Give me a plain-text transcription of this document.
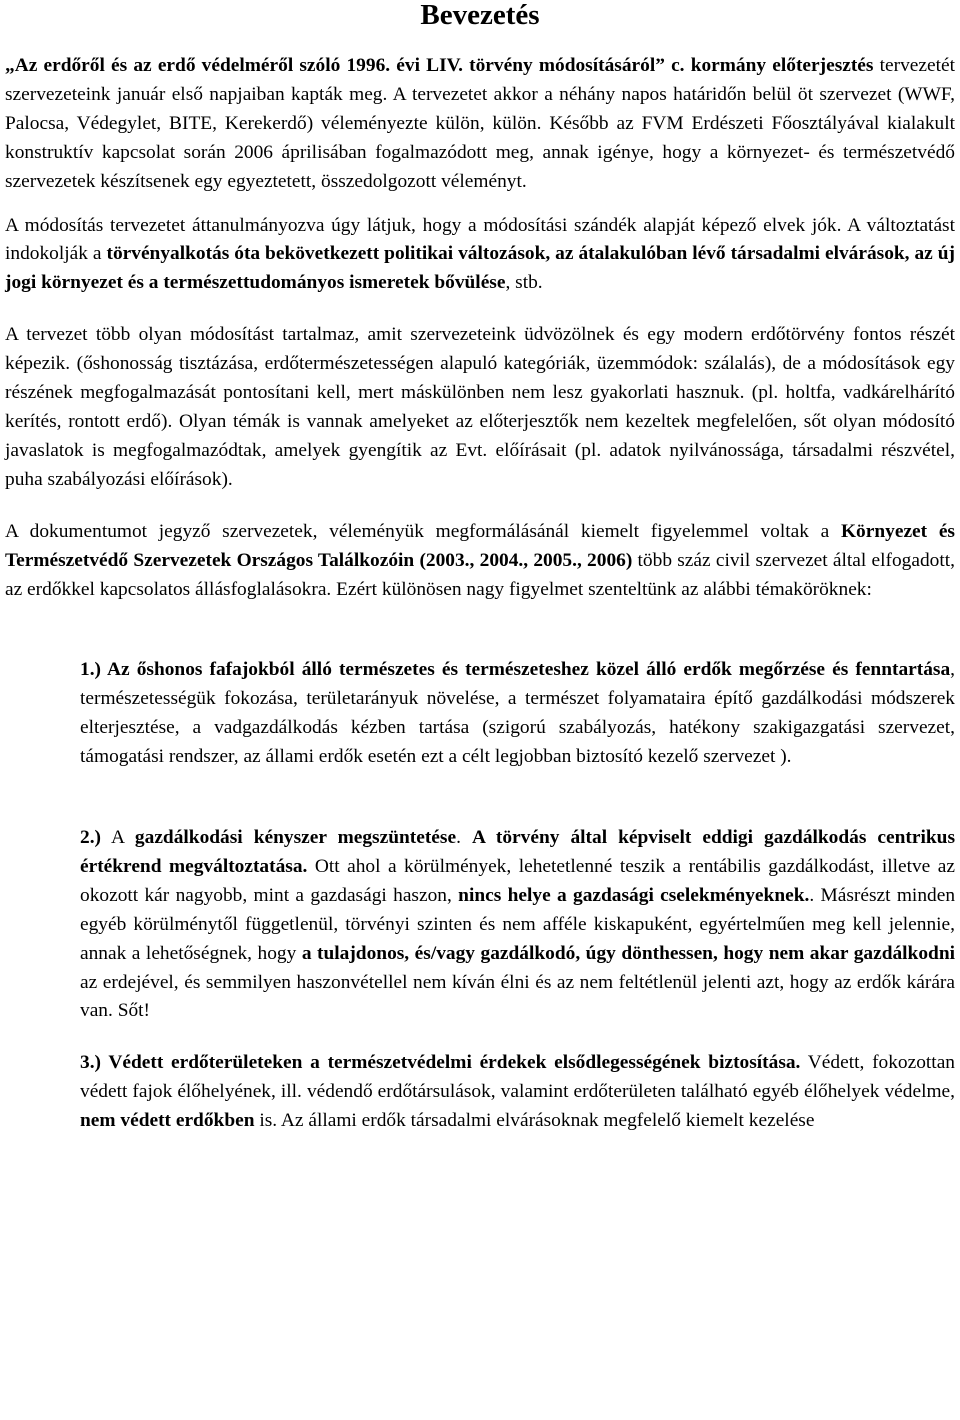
Bevezetés

„Az erdőről és az erdő védelméről szóló 1996. évi LIV. törvény módosításáról” c. kormány előterjesztés tervezetét szervezeteink január első napjaiban kapták meg. A tervezetet akkor a néhány napos határidőn belül öt szervezet (WWF, Palocsa, Védegylet, BITE, Kerekerdő) véleményezte külön, külön. Később az FVM Erdészeti Főosztályával kialakult konstruktív kapcsolat során 2006 áprilisában fogalmazódott meg, annak igénye, hogy a környezet- és természetvédő szervezetek készítsenek egy egyeztetett, összedolgozott véleményt.

A módosítás tervezetet áttanulmányozva úgy látjuk, hogy a módosítási szándék alapját képező elvek jók. A változtatást indokolják a törvényalkotás óta bekövetkezett politikai változások, az átalakulóban lévő társadalmi elvárások, az új jogi környezet és a természettudományos ismeretek bővülése, stb.

A tervezet több olyan módosítást tartalmaz, amit szervezeteink üdvözölnek és egy modern erdőtörvény fontos részét képezik. (őshonosság tisztázása, erdőtermészetességen alapuló kategóriák, üzemmódok: szálalás), de a módosítások egy részének megfogalmazását pontosítani kell, mert máskülönben nem lesz gyakorlati hasznuk. (pl. holtfa, vadkárelhárító kerítés, rontott erdő). Olyan témák is vannak amelyeket az előterjesztők nem kezeltek megfelelően, sőt olyan módosító javaslatok is megfogalmazódtak, amelyek gyengítik az Evt. előírásait (pl. adatok nyilvánossága, társadalmi részvétel, puha szabályozási előírások).

A dokumentumot jegyző szervezetek, véleményük megformálásánál kiemelt figyelemmel voltak a Környezet és Természetvédő Szervezetek Országos Találkozóin (2003., 2004., 2005., 2006) több száz civil szervezet által elfogadott, az erdőkkel kapcsolatos állásfoglalásokra. Ezért különösen nagy figyelmet szenteltünk az alábbi témaköröknek:

1.) Az őshonos fafajokból álló természetes és természeteshez közel álló erdők megőrzése és fenntartása, természetességük fokozása, területarányuk növelése, a természet folyamataira építő gazdálkodási módszerek elterjesztése, a vadgazdálkodás kézben tartása (szigorú szabályozás, hatékony szakigazgatási szervezet, támogatási rendszer, az állami erdők esetén ezt a célt legjobban biztosító kezelő szervezet ).

2.) A gazdálkodási kényszer megszüntetése. A törvény által képviselt eddigi gazdálkodás centrikus értékrend megváltoztatása. Ott ahol a körülmények, lehetetlenné teszik a rentábilis gazdálkodást, illetve az okozott kár nagyobb, mint a gazdasági haszon, nincs helye a gazdasági cselekményeknek.. Másrészt minden egyéb körülménytől függetlenül, törvényi szinten és nem afféle kiskapuként, egyértelműen meg kell jelennie, annak a lehetőségnek, hogy a tulajdonos, és/vagy gazdálkodó, úgy dönthessen, hogy nem akar gazdálkodni az erdejével, és semmilyen haszonvétellel nem kíván élni és az nem feltétlenül jelenti azt, hogy az erdők kárára van. Sőt!

3.) Védett erdőterületeken a természetvédelmi érdekek elsődlegességének biztosítása. Védett, fokozottan védett fajok élőhelyének, ill. védendő erdőtársulások, valamint erdőterületen található egyéb élőhelyek védelme, nem védett erdőkben is. Az állami erdők társadalmi elvárásoknak megfelelő kiemelt kezelése
